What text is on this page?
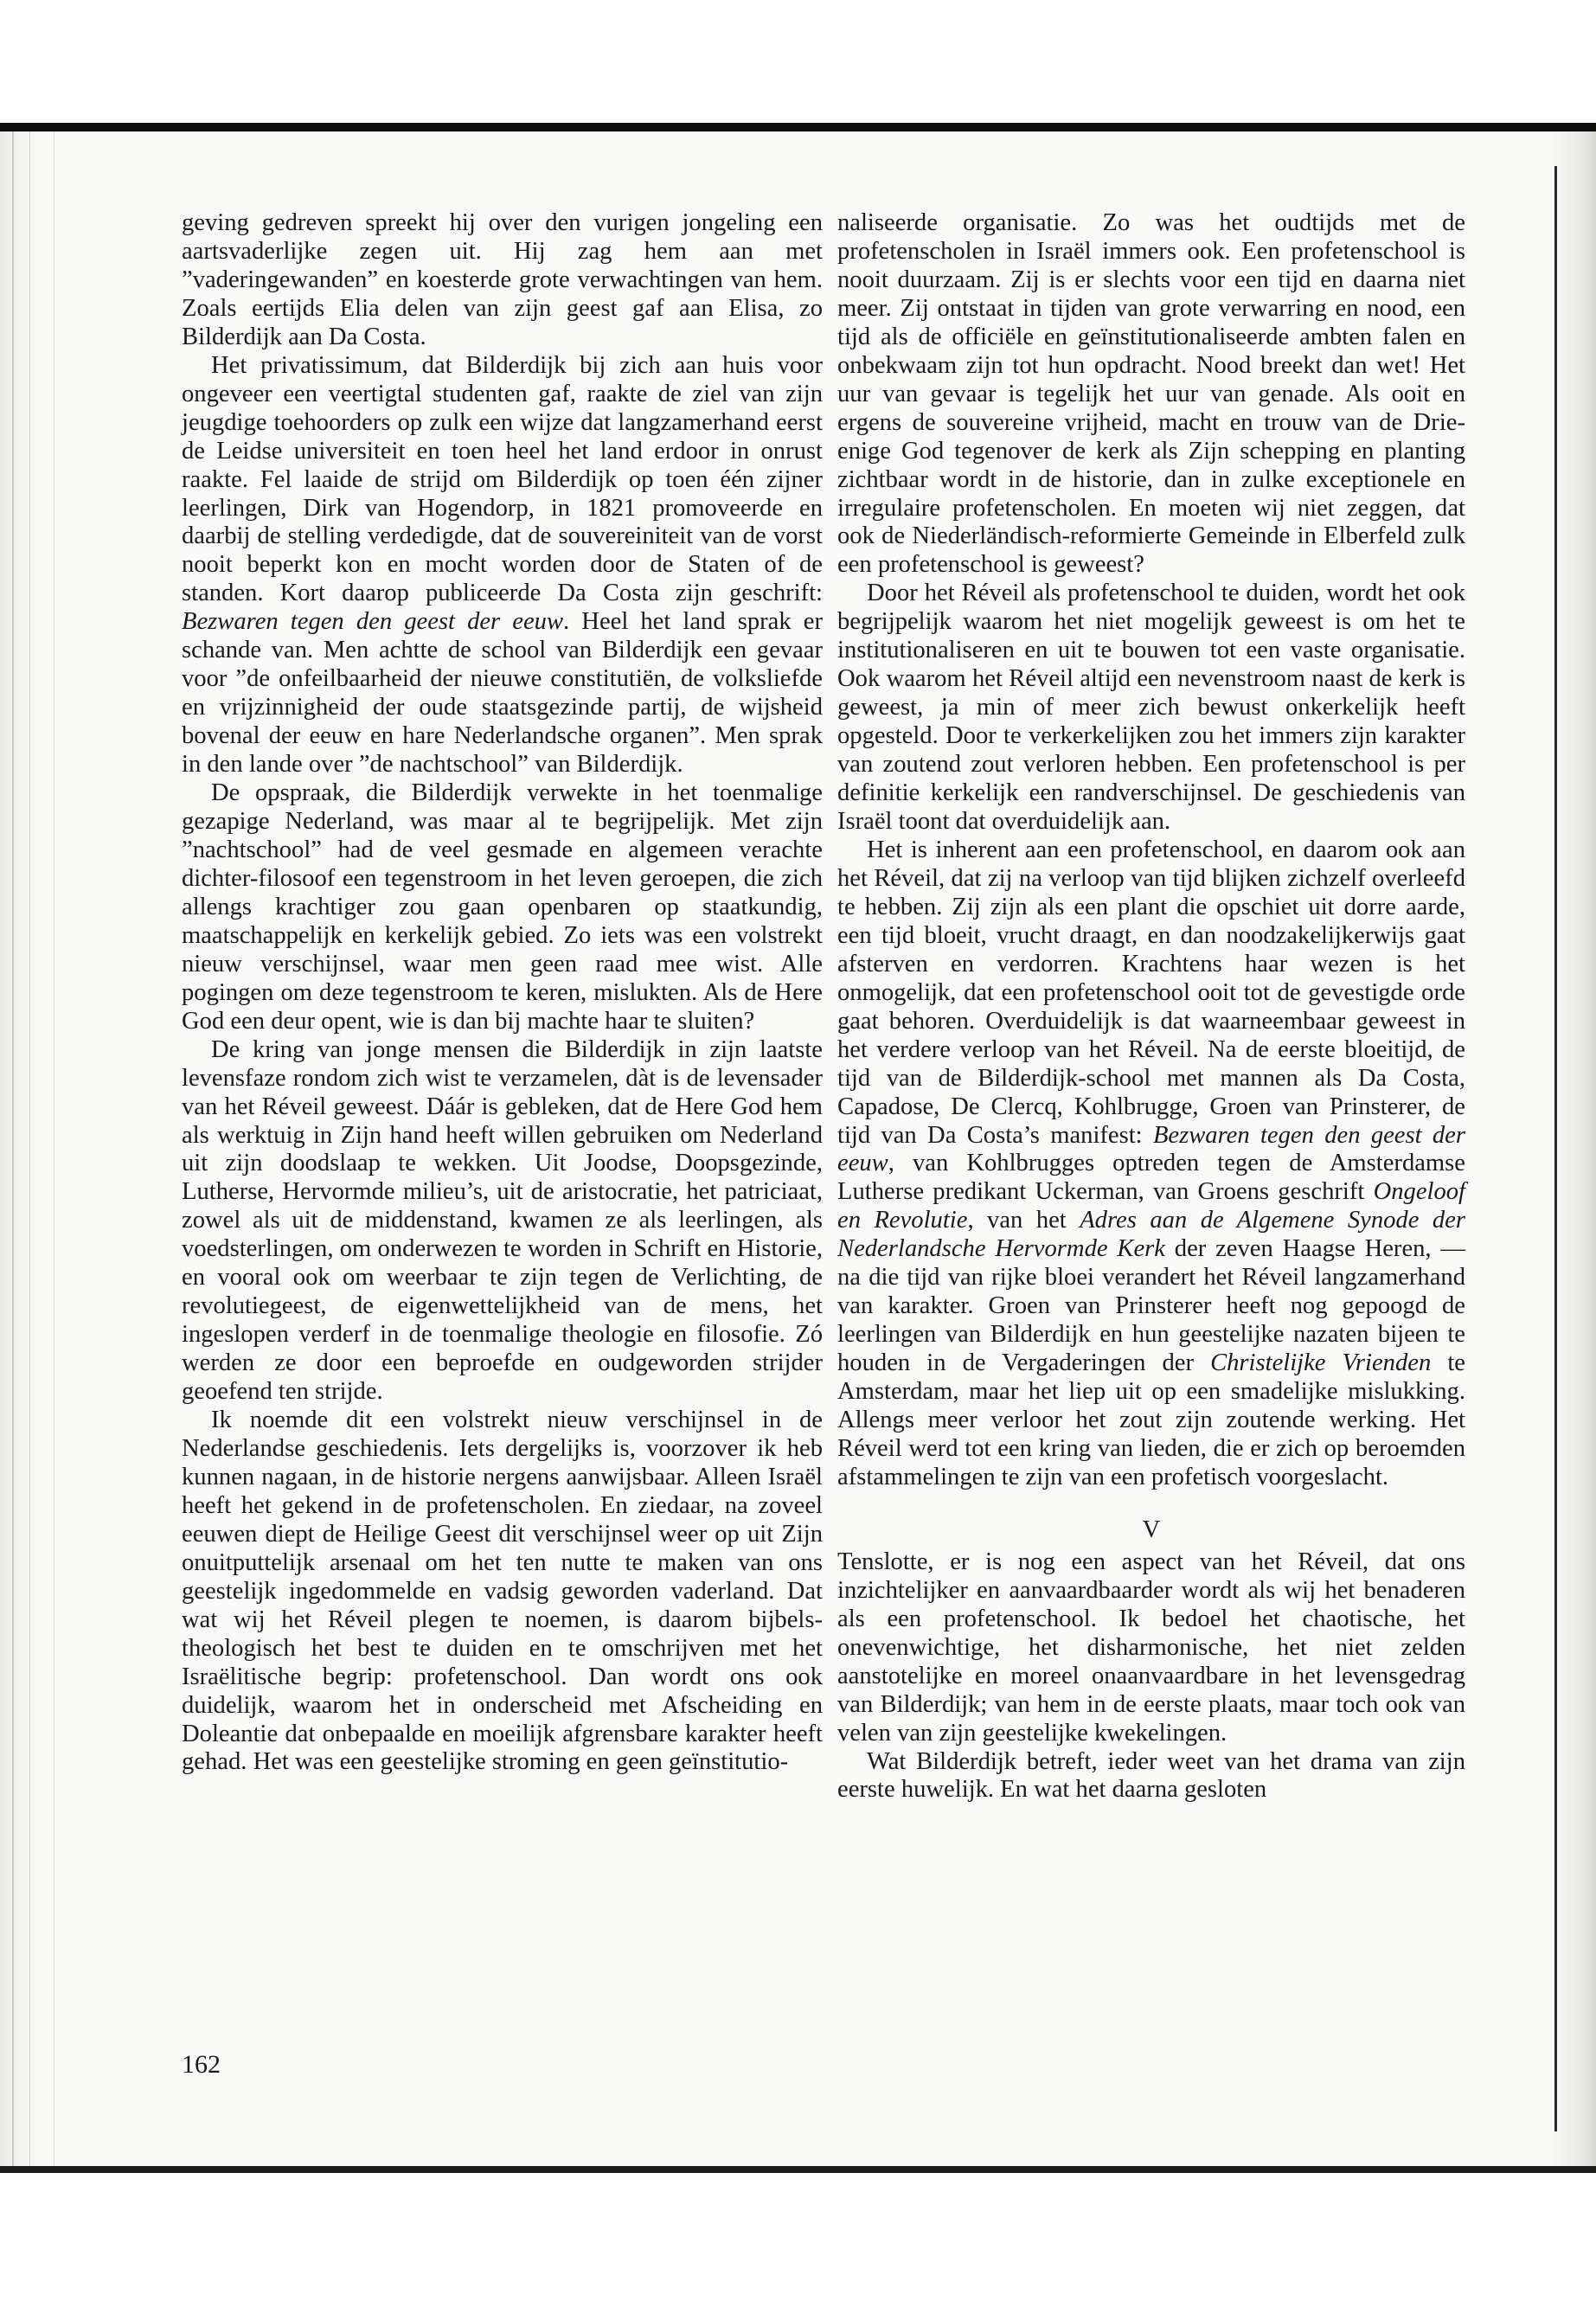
geving gedreven spreekt hij over den vurigen jongeling een aartsvaderlijke zegen uit. Hij zag hem aan met ”vaderingewanden” en koesterde grote verwachtingen van hem. Zoals eertijds Elia delen van zijn geest gaf aan Elisa, zo Bilderdijk aan Da Costa.

Het privatissimum, dat Bilderdijk bij zich aan huis voor ongeveer een veertigtal studenten gaf, raakte de ziel van zijn jeugdige toehoorders op zulk een wijze dat langzamerhand eerst de Leidse universiteit en toen heel het land erdoor in onrust raakte. Fel laaide de strijd om Bilderdijk op toen één zijner leerlingen, Dirk van Hogendorp, in 1821 promoveerde en daarbij de stelling verdedigde, dat de souvereiniteit van de vorst nooit beperkt kon en mocht worden door de Staten of de standen. Kort daarop publiceerde Da Costa zijn geschrift: Bezwaren tegen den geest der eeuw. Heel het land sprak er schande van. Men achtte de school van Bilderdijk een gevaar voor ”de onfeilbaarheid der nieuwe constitutiën, de volksliefde en vrijzinnigheid der oude staatsgezinde partij, de wijsheid bovenal der eeuw en hare Nederlandsche organen”. Men sprak in den lande over ”de nachtschool” van Bilderdijk.

De opspraak, die Bilderdijk verwekte in het toenmalige gezapige Nederland, was maar al te begrijpelijk. Met zijn ”nachtschool” had de veel gesmade en algemeen verachte dichter-filosoof een tegenstroom in het leven geroepen, die zich allengs krachtiger zou gaan openbaren op staatkundig, maatschappelijk en kerkelijk gebied. Zo iets was een volstrekt nieuw verschijnsel, waar men geen raad mee wist. Alle pogingen om deze tegenstroom te keren, mislukten. Als de Here God een deur opent, wie is dan bij machte haar te sluiten?

De kring van jonge mensen die Bilderdijk in zijn laatste levensfaze rondom zich wist te verzamelen, dàt is de levensader van het Réveil geweest. Dáár is gebleken, dat de Here God hem als werktuig in Zijn hand heeft willen gebruiken om Nederland uit zijn doodslaap te wekken. Uit Joodse, Doopsgezinde, Lutherse, Hervormde milieu’s, uit de aristocratie, het patriciaat, zowel als uit de middenstand, kwamen ze als leerlingen, als voedsterlingen, om onderwezen te worden in Schrift en Historie, en vooral ook om weerbaar te zijn tegen de Verlichting, de revolutiegeest, de eigenwettelijkheid van de mens, het ingeslopen verderf in de toenmalige theologie en filosofie. Zó werden ze door een beproefde en oudgeworden strijder geoefend ten strijde.

Ik noemde dit een volstrekt nieuw verschijnsel in de Nederlandse geschiedenis. Iets dergelijks is, voorzover ik heb kunnen nagaan, in de historie nergens aanwijsbaar. Alleen Israël heeft het gekend in de profetenscholen. En ziedaar, na zoveel eeuwen diept de Heilige Geest dit verschijnsel weer op uit Zijn onuitputtelijk arsenaal om het ten nutte te maken van ons geestelijk ingedommelde en vadsig geworden vaderland. Dat wat wij het Réveil plegen te noemen, is daarom bijbels-theologisch het best te duiden en te omschrijven met het Israëlitische begrip: profetenschool. Dan wordt ons ook duidelijk, waarom het in onderscheid met Afscheiding en Doleantie dat onbepaalde en moeilijk afgrensbare karakter heeft gehad. Het was een geestelijke stroming en geen geïnstitutio-

naliseerde organisatie. Zo was het oudtijds met de profetenscholen in Israël immers ook. Een profetenschool is nooit duurzaam. Zij is er slechts voor een tijd en daarna niet meer. Zij ontstaat in tijden van grote verwarring en nood, een tijd als de officiële en geïnstitutionaliseerde ambten falen en onbekwaam zijn tot hun opdracht. Nood breekt dan wet! Het uur van gevaar is tegelijk het uur van genade. Als ooit en ergens de souvereine vrijheid, macht en trouw van de Drie-enige God tegenover de kerk als Zijn schepping en planting zichtbaar wordt in de historie, dan in zulke exceptionele en irregulaire profetenscholen. En moeten wij niet zeggen, dat ook de Niederländisch-reformierte Gemeinde in Elberfeld zulk een profetenschool is geweest?

Door het Réveil als profetenschool te duiden, wordt het ook begrijpelijk waarom het niet mogelijk geweest is om het te institutionaliseren en uit te bouwen tot een vaste organisatie. Ook waarom het Réveil altijd een nevenstroom naast de kerk is geweest, ja min of meer zich bewust onkerkelijk heeft opgesteld. Door te verkerkelijken zou het immers zijn karakter van zoutend zout verloren hebben. Een profetenschool is per definitie kerkelijk een randverschijnsel. De geschiedenis van Israël toont dat overduidelijk aan.

Het is inherent aan een profetenschool, en daarom ook aan het Réveil, dat zij na verloop van tijd blijken zichzelf overleefd te hebben. Zij zijn als een plant die opschiet uit dorre aarde, een tijd bloeit, vrucht draagt, en dan noodzakelijkerwijs gaat afsterven en verdorren. Krachtens haar wezen is het onmogelijk, dat een profetenschool ooit tot de gevestigde orde gaat behoren. Overduidelijk is dat waarneembaar geweest in het verdere verloop van het Réveil. Na de eerste bloeitijd, de tijd van de Bilderdijk-school met mannen als Da Costa, Capadose, De Clercq, Kohlbrugge, Groen van Prinsterer, de tijd van Da Costa’s manifest: Bezwaren tegen den geest der eeuw, van Kohlbrugges optreden tegen de Amsterdamse Lutherse predikant Uckerman, van Groens geschrift Ongeloof en Revolutie, van het Adres aan de Algemene Synode der Nederlandsche Hervormde Kerk der zeven Haagse Heren, — na die tijd van rijke bloei verandert het Réveil langzamerhand van karakter. Groen van Prinsterer heeft nog gepoogd de leerlingen van Bilderdijk en hun geestelijke nazaten bijeen te houden in de Vergaderingen der Christelijke Vrienden te Amsterdam, maar het liep uit op een smadelijke mislukking. Allengs meer verloor het zout zijn zoutende werking. Het Réveil werd tot een kring van lieden, die er zich op beroemden afstammelingen te zijn van een profetisch voorgeslacht.

V

Tenslotte, er is nog een aspect van het Réveil, dat ons inzichtelijker en aanvaardbaarder wordt als wij het benaderen als een profetenschool. Ik bedoel het chaotische, het onevenwichtige, het disharmonische, het niet zelden aanstotelijke en moreel onaanvaardbare in het levensgedrag van Bilderdijk; van hem in de eerste plaats, maar toch ook van velen van zijn geestelijke kwekelingen.

Wat Bilderdijk betreft, ieder weet van het drama van zijn eerste huwelijk. En wat het daarna gesloten

162
